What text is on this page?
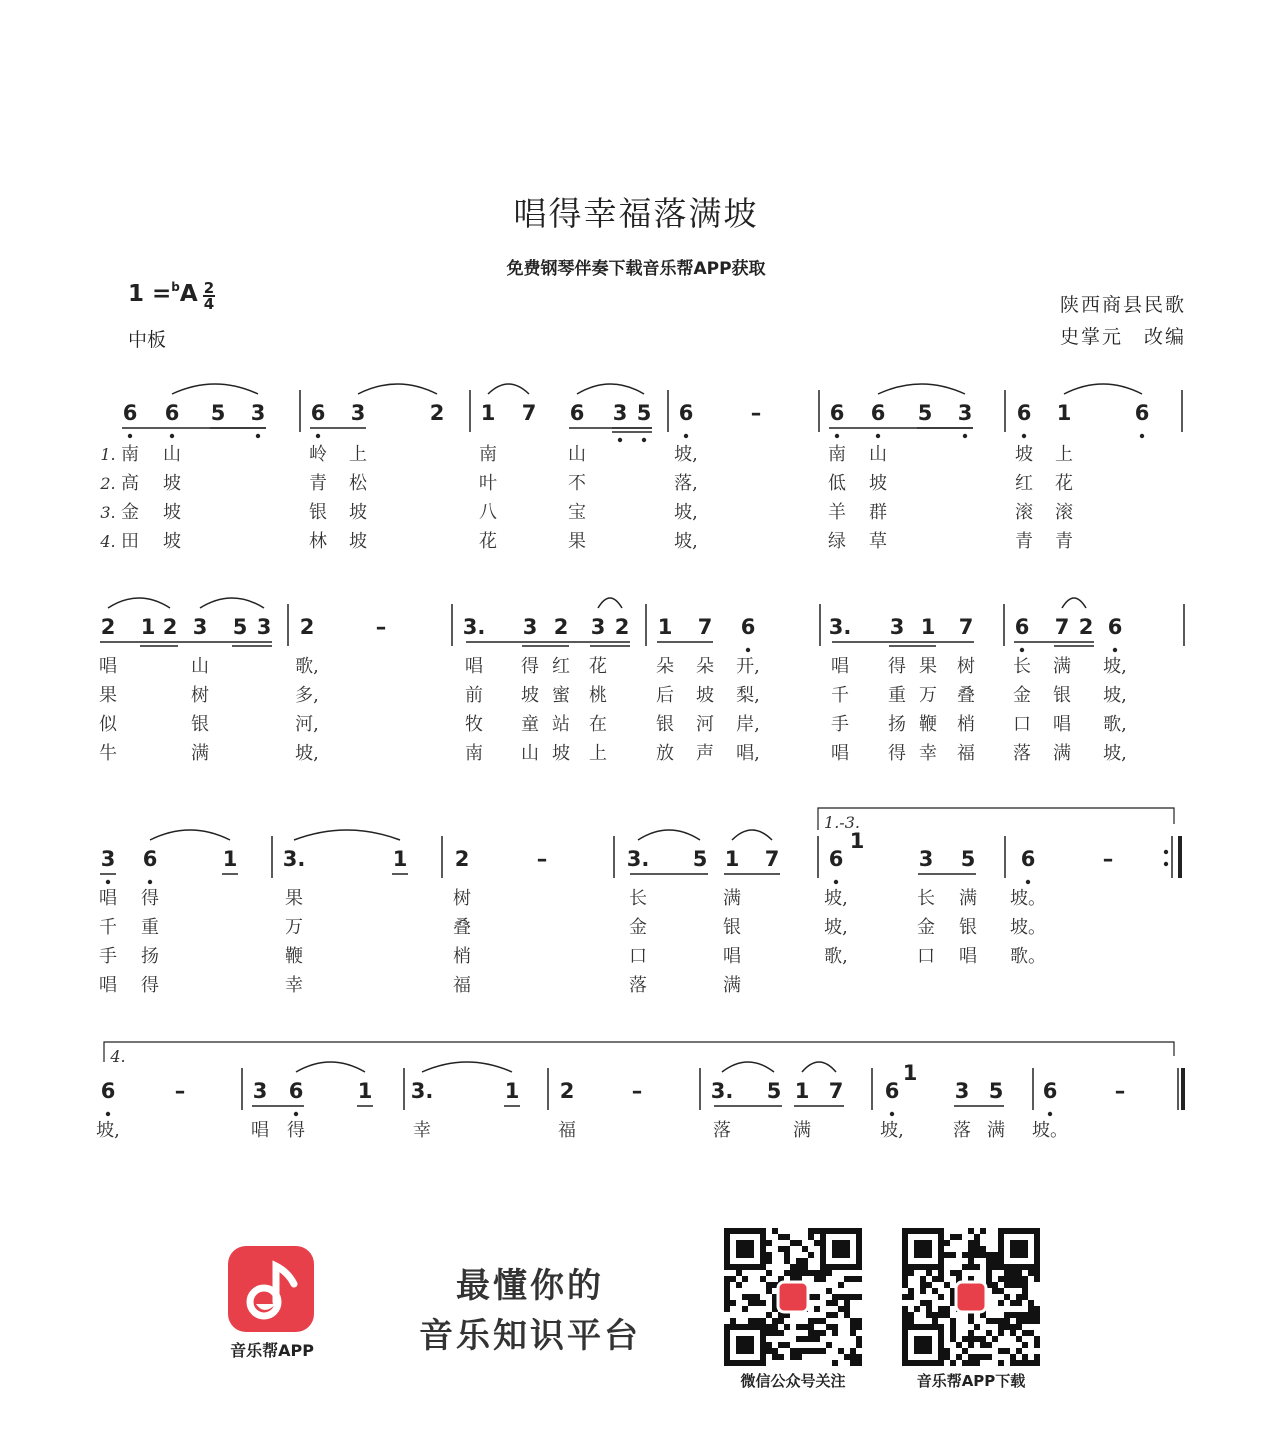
唱得幸福落满坡
免费钢琴伴奏下载音乐帮APP获取
1 =$^b$A 2
4
中板
陕西商县民歌
史掌元　改编
6 6 5 3 6 3	2 1 7 6 3 5 6	–	6 6 5 3 6 1	6
1. 南 山	岭 上	南	山	坡,	南 山	坡 上
2. 高 坡	青 松	叶	不	落,	低 坡	红 花
3. 金 坡	银 坡	八	宝	坡,	羊 群	滚 滚
4. 田 坡	林 坡	花	果	坡,	绿 草	青 青
2 1 2 3 5 3 2	–	3. 3 2 3 2 1 7 6	3. 3 1 7 6 7 2 6
唱	山	歌,	唱 得 红 花	朵 朵 开,	唱 得 果 树 长 满 坡,
果	树	多,	前 坡 蜜 桃	后 坡 梨,	千 重 万 叠 金 银 坡,
似	银	河,	牧 童 站 在	银 河 岸,	手 扬 鞭 梢 口 唱 歌,
牛	满	坡,	南 山 坡 上	放 声 唱,	唱 得 幸 福 落 满 坡,
3 6	1 3.	1 2	–	3. 5 1 7 6
1
3 5 6	–
1.-3.
唱 得	果	树	长	满	坡,	长 满 坡。
千 重	万	叠	金	银	坡,	金 银 坡。
手 扬	鞭	梢	口	唱	歌,	口 唱 歌。
唱 得	幸	福	落	满
6	–	3 6	1 3.	1 2	–	3. 5 1 7 6
1
3 5 6	–
4.
坡,	唱 得	幸	福	落	满	坡,	落 满 坡。
音乐帮APP
最懂你的
音乐知识平台
微信公众号关注	音乐帮APP下载
